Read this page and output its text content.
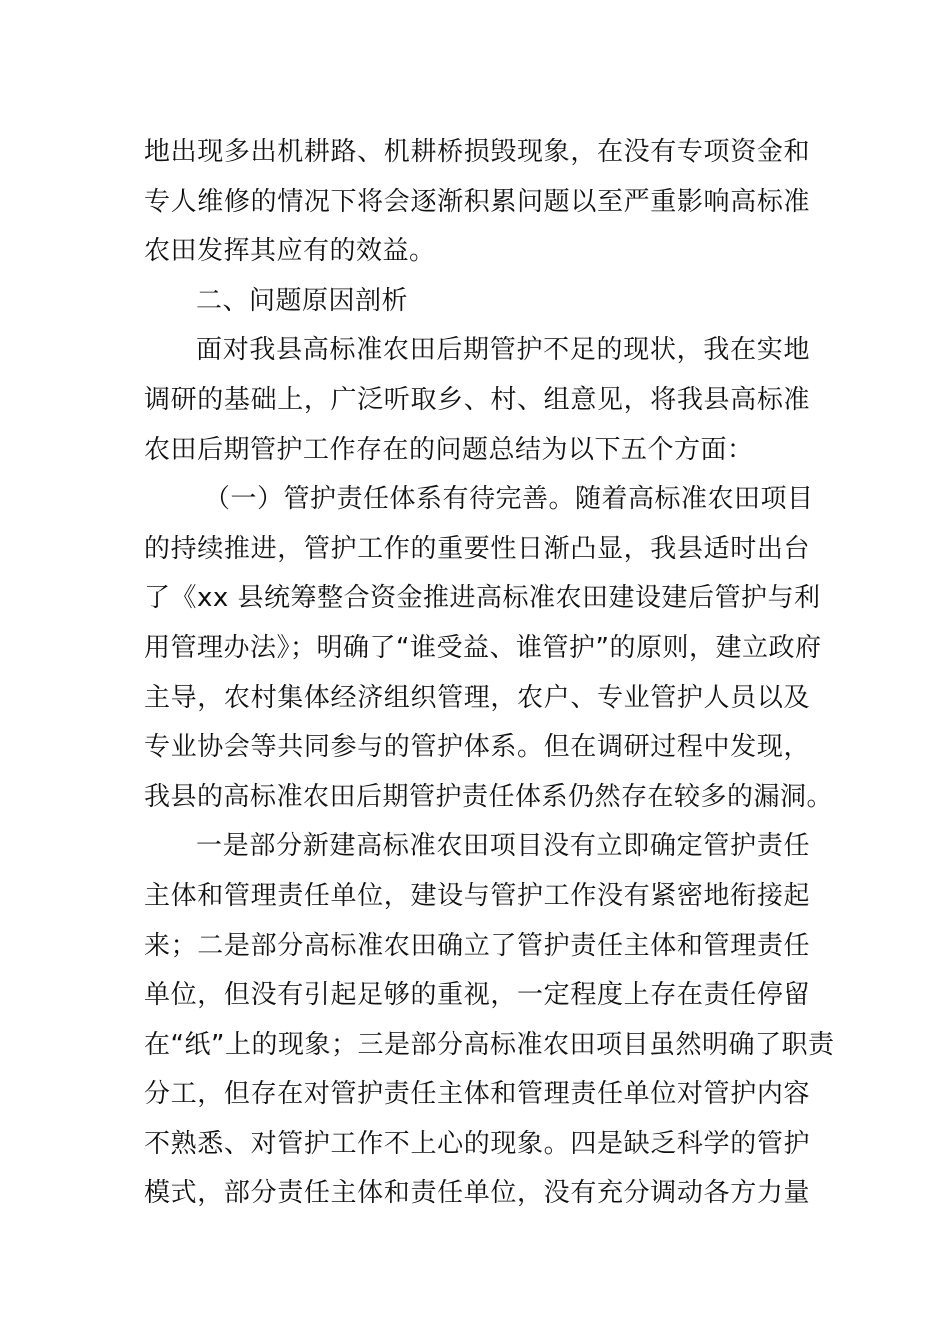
地出现多出机耕路、机耕桥损毁现象，在没有专项资金和
专人维修的情况下将会逐渐积累问题以至严重影响高标准
农田发挥其应有的效益。
二、问题原因剖析
面对我县高标准农田后期管护不足的现状，我在实地
调研的基础上，广泛听取乡、村、组意见，将我县高标准
农田后期管护工作存在的问题总结为以下五个方面：
（一）管护责任体系有待完善。随着高标准农田项目
的持续推进，管护工作的重要性日渐凸显，我县适时出台
了《xx 县统筹整合资金推进高标准农田建设建后管护与利
用管理办法》；明确了“谁受益、谁管护”的原则，建立政府
主导，农村集体经济组织管理，农户、专业管护人员以及
专业协会等共同参与的管护体系。但在调研过程中发现，
我县的高标准农田后期管护责任体系仍然存在较多的漏洞。
一是部分新建高标准农田项目没有立即确定管护责任
主体和管理责任单位，建设与管护工作没有紧密地衔接起
来；二是部分高标准农田确立了管护责任主体和管理责任
单位，但没有引起足够的重视，一定程度上存在责任停留
在“纸”上的现象；三是部分高标准农田项目虽然明确了职责
分工，但存在对管护责任主体和管理责任单位对管护内容
不熟悉、对管护工作不上心的现象。四是缺乏科学的管护
模式，部分责任主体和责任单位，没有充分调动各方力量
